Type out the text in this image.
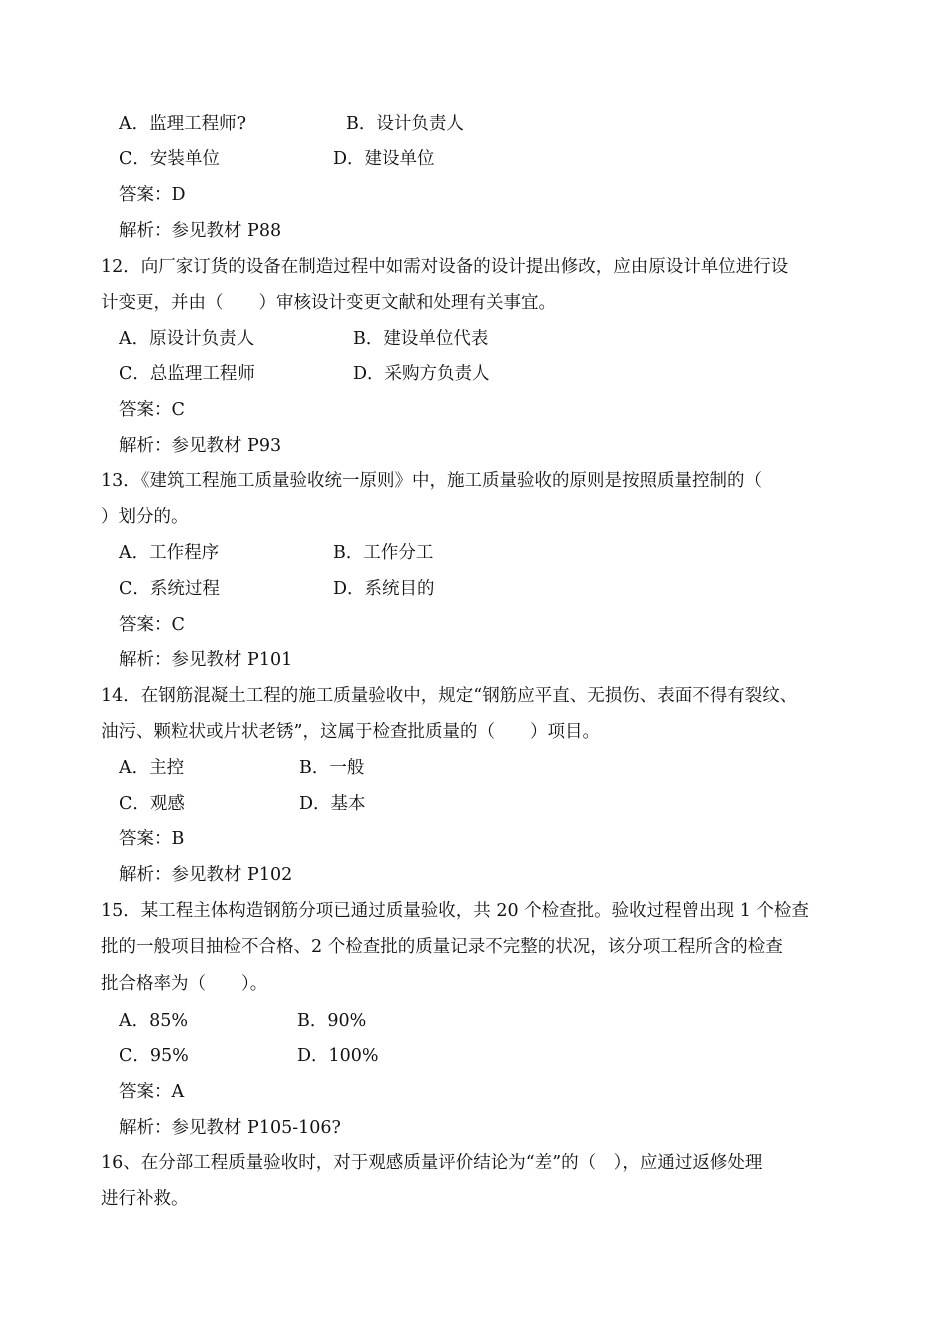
A．监理工程师?	B．设计负责人
C．安装单位	D．建设单位
答案：D
解析：参见教材 P88
12．向厂家订货的设备在制造过程中如需对设备的设计提出修改，应由原设计单位进行设
计变更，并由（　　）审核设计变更文献和处理有关事宜。
A．原设计负责人	B．建设单位代表
C．总监理工程师	D．采购方负责人
答案：C
解析：参见教材 P93
13．《建筑工程施工质量验收统一原则》中，施工质量验收的原则是按照质量控制的（
）划分的。
A．工作程序	B．工作分工
C．系统过程	D．系统目的
答案：C
解析：参见教材 P101
14．在钢筋混凝土工程的施工质量验收中，规定“钢筋应平直、无损伤、表面不得有裂纹、
油污、颗粒状或片状老锈”，这属于检查批质量的（　　）项目。
A．主控	B．一般
C．观感	D．基本
答案：B
解析：参见教材 P102
15．某工程主体构造钢筋分项已通过质量验收，共 20 个检查批。验收过程曾出现 1 个检查
批的一般项目抽检不合格、2 个检查批的质量记录不完整的状况，该分项工程所含的检查
批合格率为（　　）。
A．85%	B．90%
C．95%	D．100%
答案：A
解析：参见教材 P105-106?
16、在分部工程质量验收时，对于观感质量评价结论为“差”的（　），应通过返修处理
进行补救。
